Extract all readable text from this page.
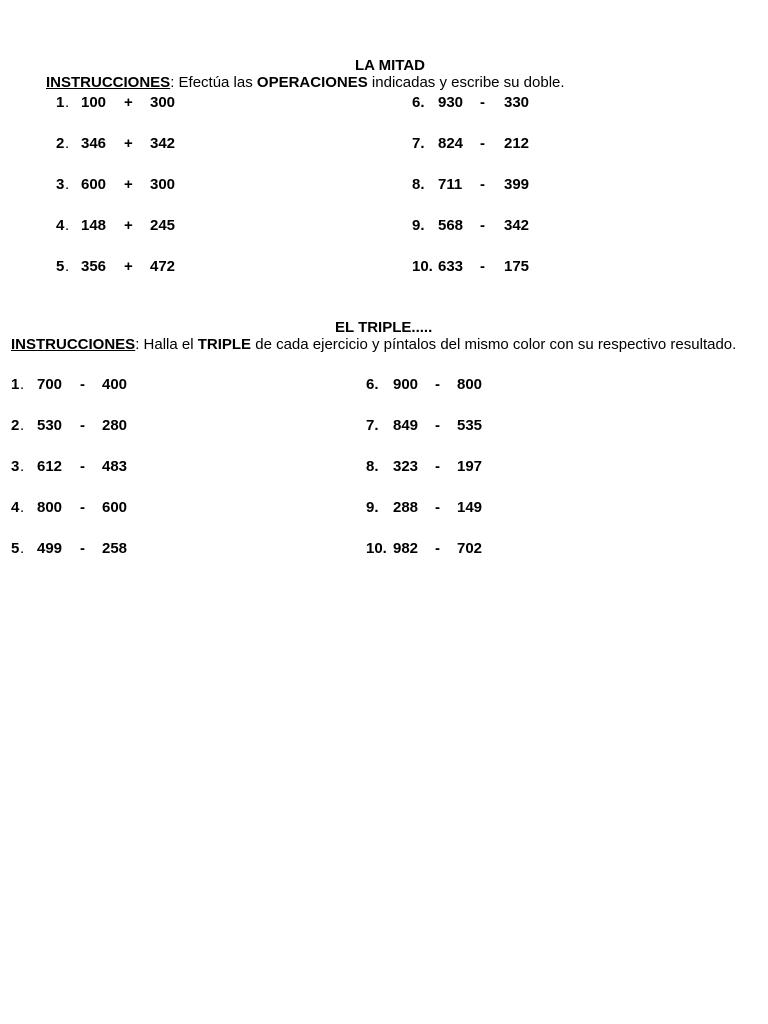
LA MITAD
INSTRUCCIONES: Efectúa las OPERACIONES indicadas y escribe su doble.
EL TRIPLE.....
INSTRUCCIONES: Halla el TRIPLE de cada ejercicio y píntalos del mismo color con su respectivo resultado.
1 . 100 + 300
2 . 346 + 342
3 . 600 + 300
4 . 148 + 245
5 . 356 + 472
6. 930 - 330
7. 824 - 212
8. 711 - 399
9. 568 - 342
10. 633 - 175
1 . 700 - 400
2 . 530 - 280
3 . 612 - 483
4 . 800 - 600
5 . 499 - 258
6. 900 - 800
7. 849 - 535
8. 323 - 197
9. 288 - 149
10. 982 - 702
